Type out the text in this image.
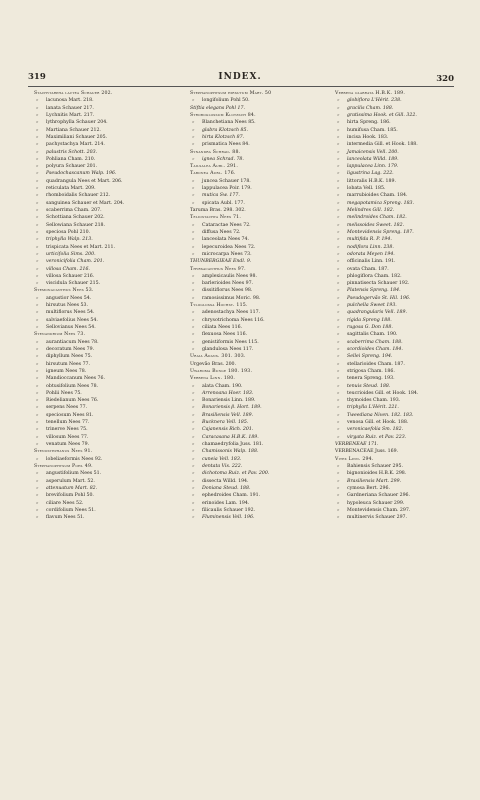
319	INDEX.	320
Stachytarpha lactea Schauer 202.
„ lacunosa Mart. 218.
„ lanata Schauer 217.
„ Lychnitis Mart. 217.
„ lythrophylla Schauer 204.
„ Martiana Schauer 212.
„ Maximiliani Schauer 205.
„ pachystachya Mart. 214.
„ palustris Schott. 203.
„ Pohliana Cham. 210.
„ polyura Schauer 201.
„ Pseudochascanum Walp. 196.
„ quadrangula Nees et Mart. 206.
„ reticulata Mart. 209.
„ rhomboidalis Schauer 212.
„ sanguinea Schauer et Mart. 204.
„ scaberrima Cham. 207.
„ Schottiana Schauer 202.
„ Sellowiana Schauer 218.
„ speciosa Pohl 210.
„ triphylla Walp. 213.
„ trispicata Nees et Mart. 211.
„ urticifolia Sims. 200.
„ veronicifolia Cham. 201.
„ villosa Cham. 216.
„ villosa Schauer 216.
„ viscidula Schauer 215.
Stemonacanthus Nees 53.
„ angustior Nees 54.
„ hirsutus Nees 53.
„ multiflorus Nees 54.
„ salviaefolius Nees 54.
„ Sellovianus Nees 54.
Stenandrium Nees 73.
„ aurantiacum Nees 78.
„ decoratum Nees 79.
„ diphyllum Nees 75.
„ hirsutum Nees 77.
„ igneum Nees 78.
„ Mandioccanum Nees 76.
„ obtusifolium Nees 78.
„ Pohlii Nees 75.
„ Riedelianum Nees 76.
„ serpens Nees 77.
„ speciosum Nees 81.
„ tenellum Nees 77.
„ trinerve Nees 75.
„ villosum Nees 77.
„ venatum Nees 79.
Stenostephanus Nees 91.
„ lobeliaeformis Nees 92.
Stephanophysum Pohl 49.
„ angustifolium Nees 51.
„ asperulum Mart. 52.
„ attenuatum Mart. 82.
„ brevifolium Pohl 50.
„ ciliare Nees 52.
„ cordifolium Nees 51.
„ flavum Nees 51.
Stephanophysum hirsutum Mart. 50
„ longifolium Pohl 50.
Stiftia elegans Pohl 17.
Stroboglossum Klotzsch 84.
„ Blanchetiana Nees 85.
„ glabra Klotzsch 85.
„ hirta Klotzsch 87.
„ prismatica Nees 84.
Synandra Schrad. 88.
„ ignea Schrad. 78.
Tailsalea Aubl. 291.
Tabonea Aubl. 176.
„ juncea Schauer 178.
„ lappulacea Poir. 179.
„ mutica Sw. 177.
„ spicata Aubl. 177.
Taruma Bras. 298. 302.
Teliostachya Nees 71.
„ Cataractae Nees 72.
„ diffusa Nees 72.
„ lanceolata Nees 74.
„ lepecuroidea Nees 72.
„ microcarpa Nees 73.
THUNBERGIEAE Endl. 9.
Thyrsacanthus Nees 97.
„ amplexicaulis Nees 98.
„ barlerioides Nees 97.
„ dissitiflorus Nees 98.
„ ramosissimus Moric. 98.
Tyloglossa Hochst. 115.
„ adenostachya Nees 117.
„ chrysotrichoma Nees 116.
„ ciliata Nees 116.
„ flexuosa Nees 116.
„ genistiformis Nees 115.
„ glandulosa Nees 117.
Uraia Adans. 301. 303.
Urgevão Bras. 200.
Uwaroma Bunge 180. 193.
Verbena Linn. 180.
„ alata Cham. 190.
„ Arrenoana Hoer. 183.
„ Bonariensis Linn. 189.
„ Bonariensis β. Hort. 189.
„ Brasiliensis Vell. 189.
„ Bucknera Vell. 185.
„ Cajanensis Rich. 201.
„ Caracasana H.B.K. 189.
„ chamaedryfolia Juss. 181.
„ Chamissonis Walp. 188.
„ cuneia Vell. 183.
„ dentata Vis. 222.
„ dichotoma Ruiz. et Pav. 200.
„ dissecta Willd. 194.
„ Doniana Steud. 188.
„ ephedroides Cham. 191.
„ erinoides Lam. 194.
„ filicaulis Schauer 192.
„ Fluminensis Vell. 196.
Verbena glabrata H.B.K. 189.
„ globiflora L'Hérit. 238.
„ gracilis Cham. 188.
„ gratissima Hook. et Gill. 322.
„ hirta Spreng. 186.
„ humifusa Cham. 185.
„ incisa Hook. 183.
„ intermedia Gill. et Hook. 188.
„ Jamaicensis Vell. 200.
„ lanceolata Willd. 189.
„ lappulacea Linn. 179.
„ ligustrina Lag. 222.
„ littoralis H.B.K. 189.
„ lobata Vell. 185.
„ marrubioides Cham. 184.
„ megapotamica Spreng. 183.
„ Melindres Gill. 182.
„ melindroides Cham. 182.
„ melissoides Sweet. 182.
„ Montevidensis Spreng. 187.
„ multifida R. P. 194.
„ nodiflora Linn. 238.
„ odorata Meyen 194.
„ officinalis Linn. 191.
„ ovata Cham. 187.
„ phlogiflora Cham. 182.
„ pinnatisecta Schauer 192.
„ Platensis Spreng. 184.
„ Pseudogervão St. Hil. 196.
„ pulchella Sweet 193.
„ quadrangularis Vell. 189.
„ rigida Spreng 188.
„ rugosa G. Don 188.
„ sagittalis Cham. 190.
„ scaberrima Cham. 188.
„ scordioides Cham. 184.
„ Sellei Spreng. 194.
„ stellarioides Cham. 187.
„ strigosa Cham. 186.
„ tenera Spreng. 193.
„ tenuis Steud. 188.
„ teucrioides Gill. et Hook. 184.
„ thymoides Cham. 193.
„ triphylla L'Hérit. 221.
„ Tweediana Niven. 182. 183.
„ venosa Gill. et Hook. 188.
„ veronicaefolia Sm. 182.
„ virgata Ruiz. et Pav. 223.
VERBENEAE 171.
VERBENACEAE Juss. 169.
Vitex Linn. 294.
„ Bahiensis Schauer 295.
„ bignonioides H.B.K. 298.
„ Brasiliensis Mart. 299.
„ cymosa Bert. 296.
„ Gardneriana Schauer 296.
„ hypoleuca Schauer 299.
„ Montevidensis Cham. 297.
„ multinervis Schauer 297.
